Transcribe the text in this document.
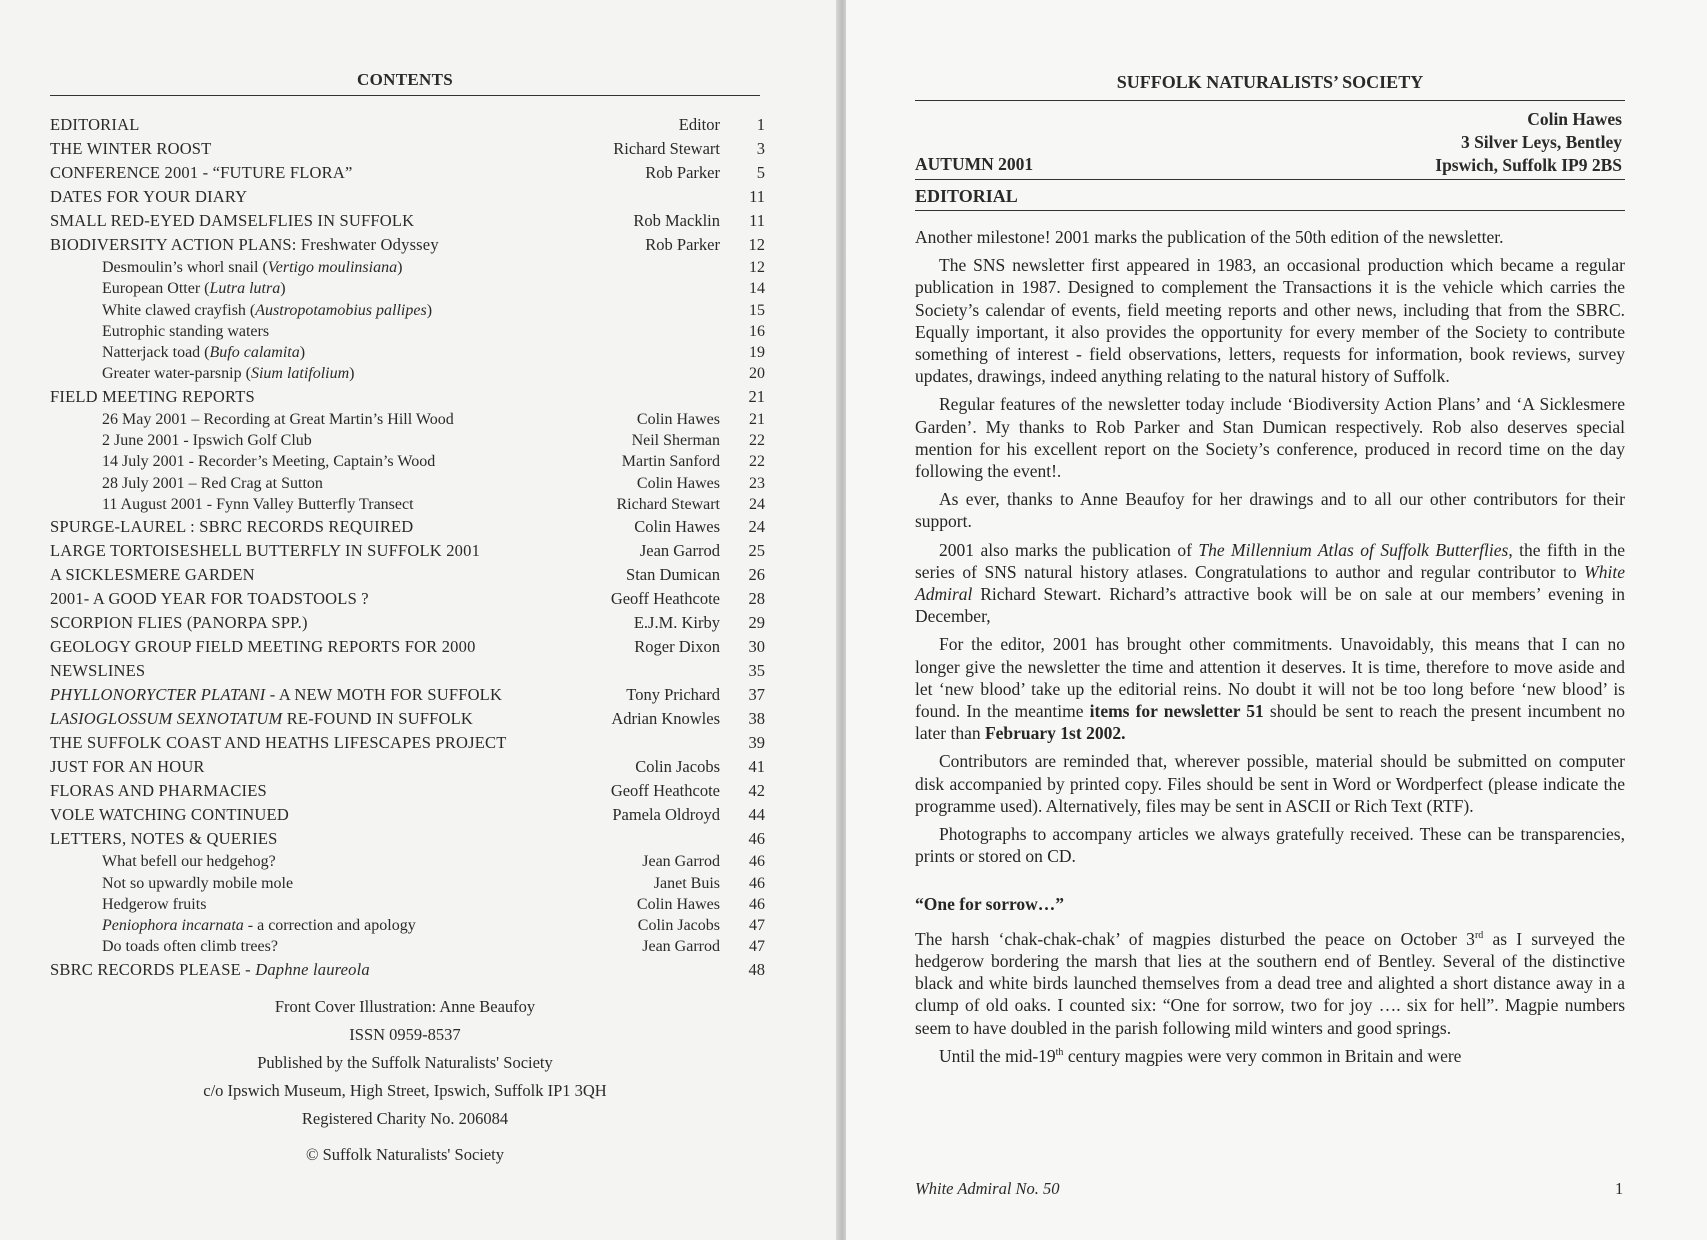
CONTENTS
EDITORIAL	Editor	1
THE WINTER ROOST	Richard Stewart	3
CONFERENCE 2001 - “FUTURE FLORA”	Rob Parker	5
DATES FOR YOUR DIARY	11
SMALL RED-EYED DAMSELFLIES IN SUFFOLK	Rob Macklin	11
BIODIVERSITY ACTION PLANS: Freshwater Odyssey	Rob Parker	12
Desmoulin’s whorl snail (Vertigo moulinsiana)	12
European Otter (Lutra lutra)	14
White clawed crayfish (Austropotamobius pallipes)	15
Eutrophic standing waters	16
Natterjack toad (Bufo calamita)	19
Greater water-parsnip (Sium latifolium)	20
FIELD MEETING REPORTS	21
26 May 2001 – Recording at Great Martin’s Hill Wood	Colin Hawes	21
2 June 2001 - Ipswich Golf Club	Neil Sherman	22
14 July 2001 - Recorder’s Meeting, Captain’s Wood	Martin Sanford	22
28 July 2001 – Red Crag at Sutton	Colin Hawes	23
11 August 2001 - Fynn Valley Butterfly Transect	Richard Stewart	24
SPURGE-LAUREL : SBRC RECORDS REQUIRED	Colin Hawes	24
LARGE TORTOISESHELL BUTTERFLY IN SUFFOLK 2001	Jean Garrod	25
A SICKLESMERE GARDEN	Stan Dumican	26
2001- A GOOD YEAR FOR TOADSTOOLS ?	Geoff Heathcote	28
SCORPION FLIES (PANORPA SPP.)	E.J.M. Kirby	29
GEOLOGY GROUP FIELD MEETING REPORTS FOR 2000	Roger Dixon	30
NEWSLINES	35
PHYLLONORYCTER PLATANI - A NEW MOTH FOR SUFFOLK	Tony Prichard	37
LASIOGLOSSUM SEXNOTATUM RE-FOUND IN SUFFOLK	Adrian Knowles	38
THE SUFFOLK COAST AND HEATHS LIFESCAPES PROJECT	39
JUST FOR AN HOUR	Colin Jacobs	41
FLORAS AND PHARMACIES	Geoff Heathcote	42
VOLE WATCHING CONTINUED	Pamela Oldroyd	44
LETTERS, NOTES & QUERIES	46
What befell our hedgehog?	Jean Garrod	46
Not so upwardly mobile mole	Janet Buis	46
Hedgerow fruits	Colin Hawes	46
Peniophora incarnata - a correction and apology	Colin Jacobs	47
Do toads often climb trees?	Jean Garrod	47
SBRC RECORDS PLEASE - Daphne laureola	48
Front Cover Illustration: Anne Beaufoy
ISSN 0959-8537
Published by the Suffolk Naturalists' Society
c/o Ipswich Museum, High Street, Ipswich, Suffolk IP1 3QH
Registered Charity No. 206084
© Suffolk Naturalists' Society
SUFFOLK NATURALISTS’ SOCIETY
Colin Hawes
3 Silver Leys, Bentley
Ipswich, Suffolk IP9 2BS
AUTUMN 2001
EDITORIAL

Another milestone! 2001 marks the publication of the 50th edition of the newsletter.

The SNS newsletter first appeared in 1983, an occasional production which became a regular publication in 1987. Designed to complement the Transactions it is the vehicle which carries the Society’s calendar of events, field meeting reports and other news, including that from the SBRC. Equally important, it also provides the opportunity for every member of the Society to contribute something of interest - field observations, letters, requests for information, book reviews, survey updates, drawings, indeed anything relating to the natural history of Suffolk.

Regular features of the newsletter today include ‘Biodiversity Action Plans’ and ‘A Sicklesmere Garden’. My thanks to Rob Parker and Stan Dumican respectively. Rob also deserves special mention for his excellent report on the Society’s conference, produced in record time on the day following the event!.

As ever, thanks to Anne Beaufoy for her drawings and to all our other contributors for their support.

2001 also marks the publication of The Millennium Atlas of Suffolk Butterflies, the fifth in the series of SNS natural history atlases. Congratulations to author and regular contributor to White Admiral Richard Stewart. Richard’s attractive book will be on sale at our members’ evening in December,

For the editor, 2001 has brought other commitments. Unavoidably, this means that I can no longer give the newsletter the time and attention it deserves. It is time, therefore to move aside and let ‘new blood’ take up the editorial reins. No doubt it will not be too long before ‘new blood’ is found. In the meantime items for newsletter 51 should be sent to reach the present incumbent no later than February 1st 2002.

Contributors are reminded that, wherever possible, material should be submitted on computer disk accompanied by printed copy. Files should be sent in Word or Wordperfect (please indicate the programme used). Alternatively, files may be sent in ASCII or Rich Text (RTF).

Photographs to accompany articles we always gratefully received. These can be transparencies, prints or stored on CD.

“One for sorrow…”

The harsh ‘chak-chak-chak’ of magpies disturbed the peace on October 3rd as I surveyed the hedgerow bordering the marsh that lies at the southern end of Bentley. Several of the distinctive black and white birds launched themselves from a dead tree and alighted a short distance away in a clump of old oaks. I counted six: “One for sorrow, two for joy …. six for hell”. Magpie numbers seem to have doubled in the parish following mild winters and good springs.

Until the mid-19th century magpies were very common in Britain and were

White Admiral No. 50	1
